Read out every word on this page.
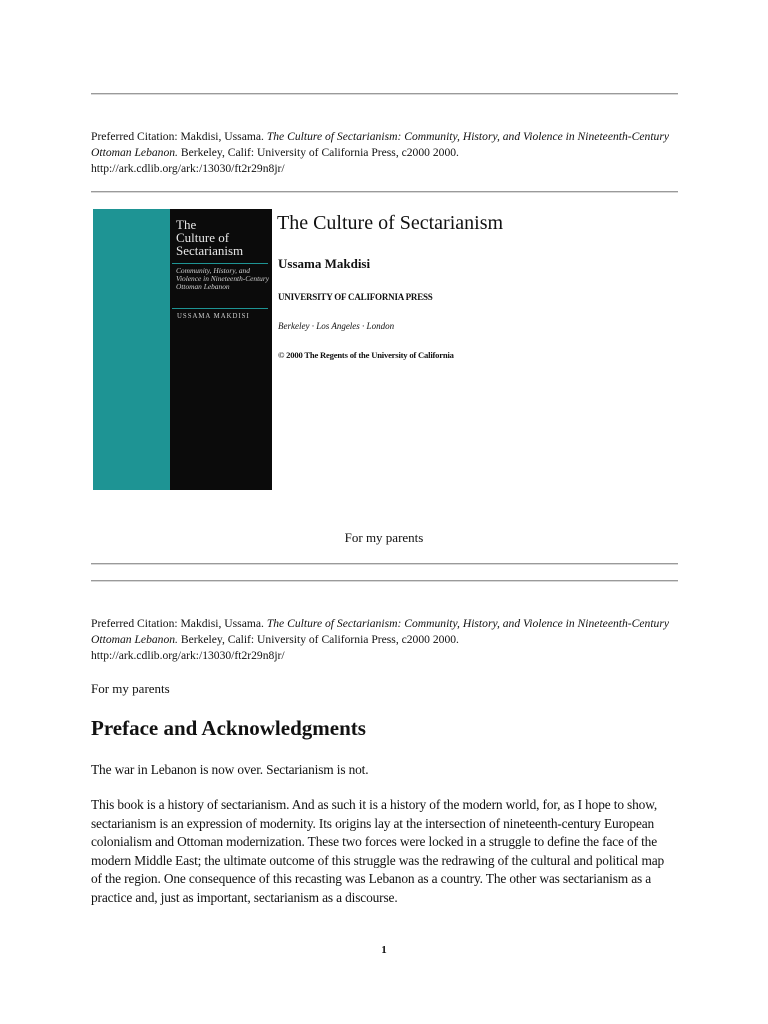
Preferred Citation: Makdisi, Ussama. The Culture of Sectarianism: Community, History, and Violence in Nineteenth-Century Ottoman Lebanon. Berkeley, Calif: University of California Press, c2000 2000.
http://ark.cdlib.org/ark:/13030/ft2r29n8jr/
The
Culture of
Sectarianism
Community, History, and Violence in Nineteenth-Century Ottoman Lebanon
USSAMA MAKDISI
The Culture of Sectarianism
Ussama Makdisi
UNIVERSITY OF CALIFORNIA PRESS
Berkeley · Los Angeles · London
© 2000 The Regents of the University of California
For my parents
Preferred Citation: Makdisi, Ussama. The Culture of Sectarianism: Community, History, and Violence in Nineteenth-Century Ottoman Lebanon. Berkeley, Calif: University of California Press, c2000 2000.
http://ark.cdlib.org/ark:/13030/ft2r29n8jr/
For my parents
Preface and Acknowledgments

The war in Lebanon is now over. Sectarianism is not.

This book is a history of sectarianism. And as such it is a history of the modern world, for, as I hope to show, sectarianism is an expression of modernity. Its origins lay at the intersection of nineteenth-century European colonialism and Ottoman modernization. These two forces were locked in a struggle to define the face of the modern Middle East; the ultimate outcome of this struggle was the redrawing of the cultural and political map of the region. One consequence of this recasting was Lebanon as a country. The other was sectarianism as a practice and, just as important, sectarianism as a discourse.

1
